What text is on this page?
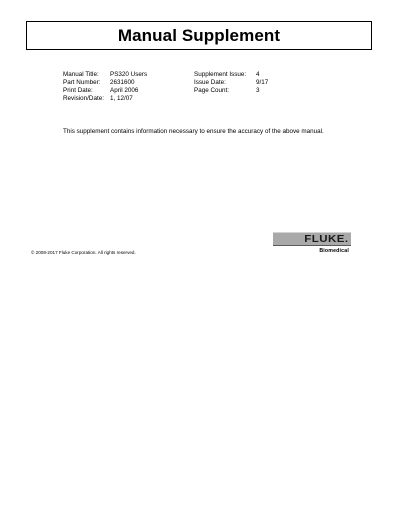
Manual Supplement
Manual Title:	PS320 Users
Part Number:	2631600
Print Date:	April 2006
Revision/Date: 1, 12/07
Supplement Issue:	4
Issue Date:	9/17
Page Count:	3
This supplement contains information necessary to ensure the accuracy of the above manual.
© 2008-2017 Fluke Corporation. All rights reserved.
FLUKE.
Biomedical
